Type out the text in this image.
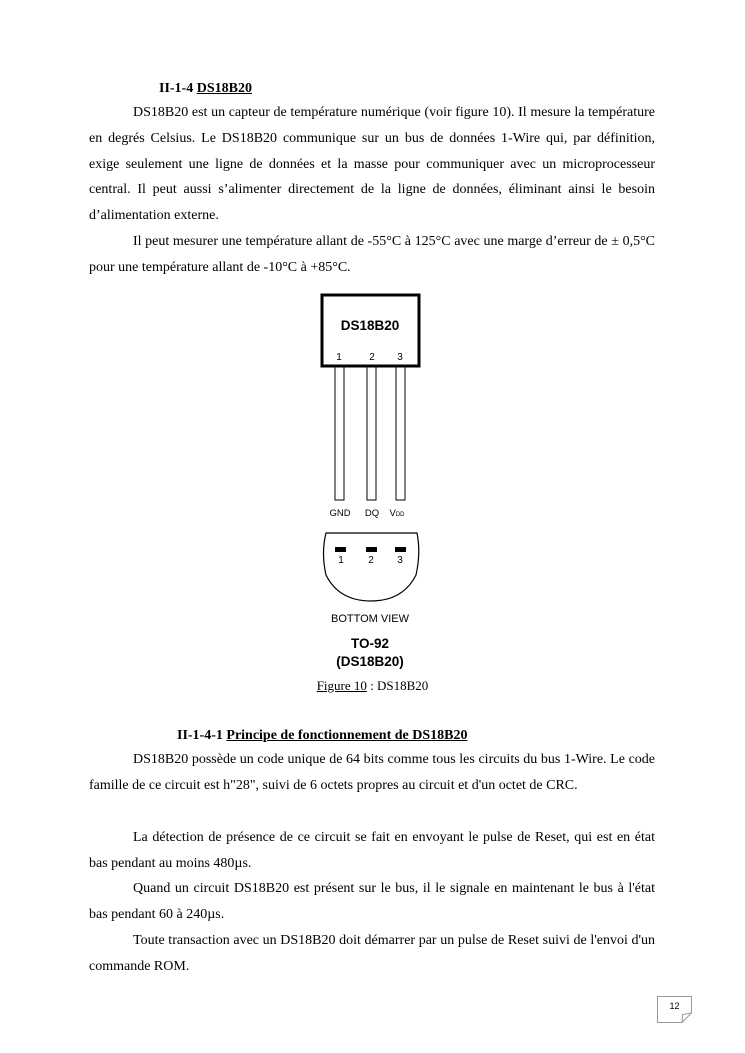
II-1-4 DS18B20
DS18B20 est un capteur de température numérique (voir figure 10). Il mesure la température en degrés Celsius. Le DS18B20 communique sur un bus de données 1-Wire qui, par définition, exige seulement une ligne de données et la masse pour communiquer avec un microprocesseur central. Il peut aussi s’alimenter directement de la ligne de données, éliminant ainsi le besoin d’alimentation externe.
Il peut mesurer une température allant de -55°C à 125°C avec une marge d’erreur de ± 0,5°C pour une température allant de -10°C à +85°C.
DS18B20
1	2 3
GND DQ VDD
1 2 3
BOTTOM VIEW
TO-92
(DS18B20)
Figure 10 : DS18B20
II-1-4-1 Principe de fonctionnement de DS18B20
DS18B20 possède un code unique de 64 bits comme tous les circuits du bus 1-Wire. Le code famille de ce circuit est h"28", suivi de 6 octets propres au circuit et d'un octet de CRC.
La détection de présence de ce circuit se fait en envoyant le pulse de Reset, qui est en état bas pendant au moins 480µs.
Quand un circuit DS18B20 est présent sur le bus, il le signale en maintenant le bus à l'état bas pendant 60 à 240µs.
Toute transaction avec un DS18B20 doit démarrer par un pulse de Reset suivi de l'envoi d'un commande ROM.
12
